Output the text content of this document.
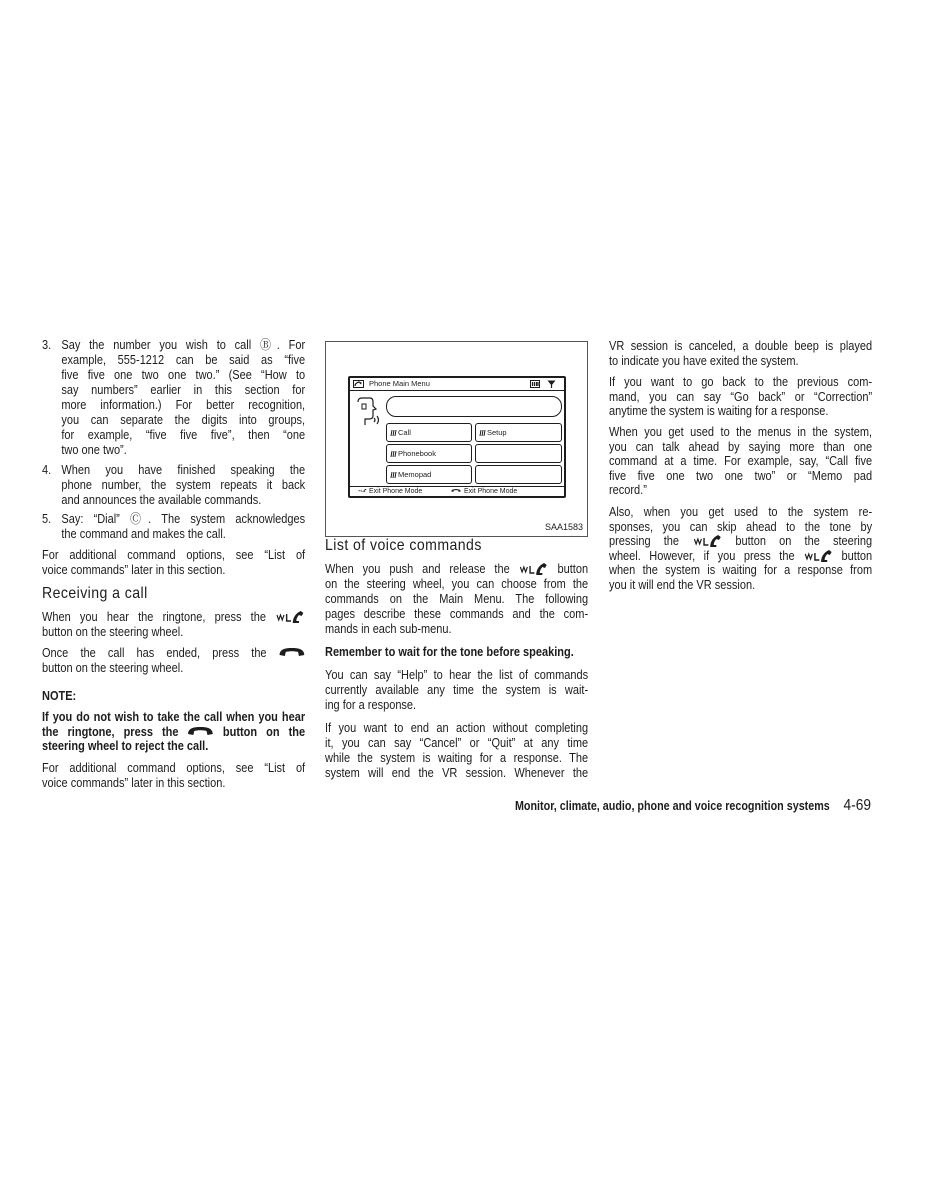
3. Say the number you wish to call Ⓑ. For
example, 555-1212 can be said as “five
five five one two one two.” (See “How to
say numbers” earlier in this section for
more information.) For better recognition,
you can separate the digits into groups,
for example, “five five five”, then “one
two one two”.
4. When you have finished speaking the
phone number, the system repeats it back
and announces the available commands.
5. Say: “Dial” Ⓒ. The system acknowledges
the command and makes the call.
For additional command options, see “List of
voice commands” later in this section.
Receiving a call
When you hear the ringtone, press the
button on the steering wheel.
Once the call has ended, press the
button on the steering wheel.
NOTE:
If you do not wish to take the call when you hear
the ringtone, press the	button on the
steering wheel to reject the call.
For additional command options, see “List of
voice commands” later in this section.
Phone Main Menu
Call	Setup
Phonebook
Memopad
Exit Phone Mode	Exit Phone Mode
SAA1583
List of voice commands
When you push and release the	button
on the steering wheel, you can choose from the
commands on the Main Menu. The following
pages describe these commands and the com-
mands in each sub-menu.
Remember to wait for the tone before speaking.
You can say “Help” to hear the list of commands
currently available any time the system is wait-
ing for a response.
If you want to end an action without completing
it, you can say “Cancel” or “Quit” at any time
while the system is waiting for a response. The
system will end the VR session. Whenever the
VR session is canceled, a double beep is played
to indicate you have exited the system.
If you want to go back to the previous com-
mand, you can say “Go back” or “Correction”
anytime the system is waiting for a response.
When you get used to the menus in the system,
you can talk ahead by saying more than one
command at a time. For example, say, “Call five
five five one two one two” or “Memo pad
record.”
Also, when you get used to the system re-
sponses, you can skip ahead to the tone by
pressing the	button on the steering
wheel. However, if you press the	button
when the system is waiting for a response from
you it will end the VR session.
Monitor, climate, audio, phone and voice recognition systems 4-69
